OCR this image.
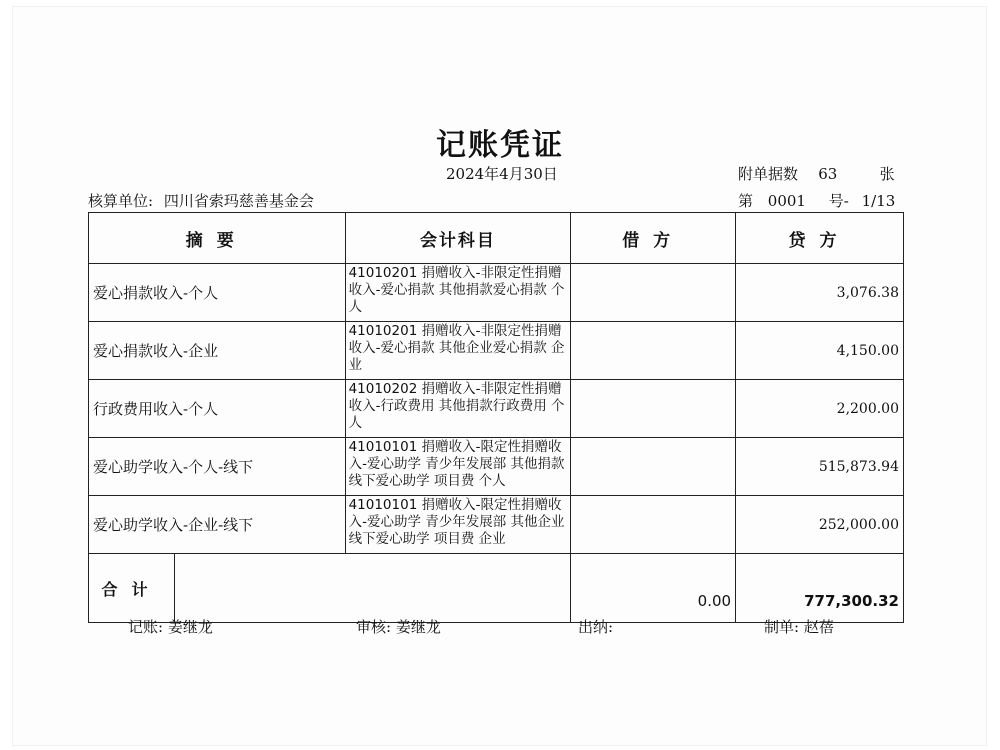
记账凭证
2024年4月30日	附单据数 63	张
核算单位: 四川省索玛慈善基金会	第 0001 号- 1/13
摘要		会计科目	借方	贷方
爱心捐款收入-个人		41010201 捐赠收入-非限定性捐赠收入-爱心捐款 其他捐款爱心捐款 个人		3,076.38
爱心捐款收入-企业		41010201 捐赠收入-非限定性捐赠收入-爱心捐款 其他企业爱心捐款 企业		4,150.00
行政费用收入-个人		41010202 捐赠收入-非限定性捐赠收入-行政费用 其他捐款行政费用 个人		2,200.00
爱心助学收入-个人-线下		41010101 捐赠收入-限定性捐赠收入-爱心助学 青少年发展部 其他捐款 线下爱心助学 项目费 个人		515,873.94
爱心助学收入-企业-线下		41010101 捐赠收入-限定性捐赠收入-爱心助学 青少年发展部 其他企业 线下爱心助学 项目费 企业		252,000.00
合计			0.00	777,300.32
记账: 姜继龙	审核: 姜继龙	出纳:	制单: 赵蓓
